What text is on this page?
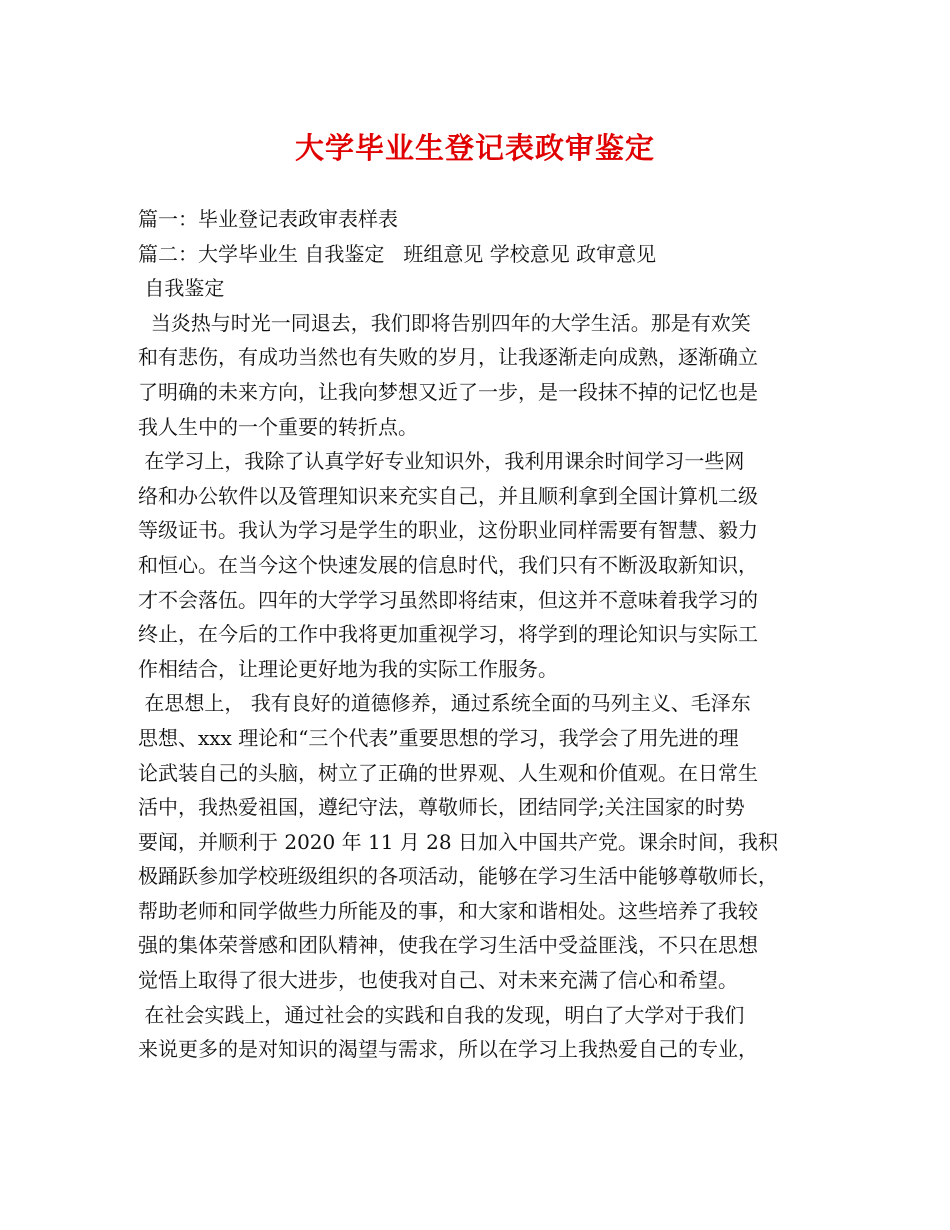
大学毕业生登记表政审鉴定
篇一：毕业登记表政审表样表
篇二：大学毕业生 自我鉴定   班组意见 学校意见 政审意见
自我鉴定
当炎热与时光一同退去，我们即将告别四年的大学生活。那是有欢笑
和有悲伤，有成功当然也有失败的岁月，让我逐渐走向成熟，逐渐确立
了明确的未来方向，让我向梦想又近了一步，是一段抹不掉的记忆也是
我人生中的一个重要的转折点。
在学习上，我除了认真学好专业知识外，我利用课余时间学习一些网
络和办公软件以及管理知识来充实自己，并且顺利拿到全国计算机二级
等级证书。我认为学习是学生的职业，这份职业同样需要有智慧、毅力
和恒心。在当今这个快速发展的信息时代，我们只有不断汲取新知识，
才不会落伍。四年的大学学习虽然即将结束，但这并不意味着我学习的
终止，在今后的工作中我将更加重视学习，将学到的理论知识与实际工
作相结合，让理论更好地为我的实际工作服务。
在思想上， 我有良好的道德修养，通过系统全面的马列主义、毛泽东
思想、xxx 理论和“三个代表”重要思想的学习，我学会了用先进的理
论武装自己的头脑，树立了正确的世界观、人生观和价值观。在日常生
活中，我热爱祖国，遵纪守法，尊敬师长，团结同学;关注国家的时势
要闻，并顺利于 2020 年 11 月 28 日加入中国共产党。课余时间，我积
极踊跃参加学校班级组织的各项活动，能够在学习生活中能够尊敬师长，
帮助老师和同学做些力所能及的事，和大家和谐相处。这些培养了我较
强的集体荣誉感和团队精神，使我在学习生活中受益匪浅，不只在思想
觉悟上取得了很大进步，也使我对自己、对未来充满了信心和希望。
在社会实践上，通过社会的实践和自我的发现，明白了大学对于我们
来说更多的是对知识的渴望与需求，所以在学习上我热爱自己的专业，
